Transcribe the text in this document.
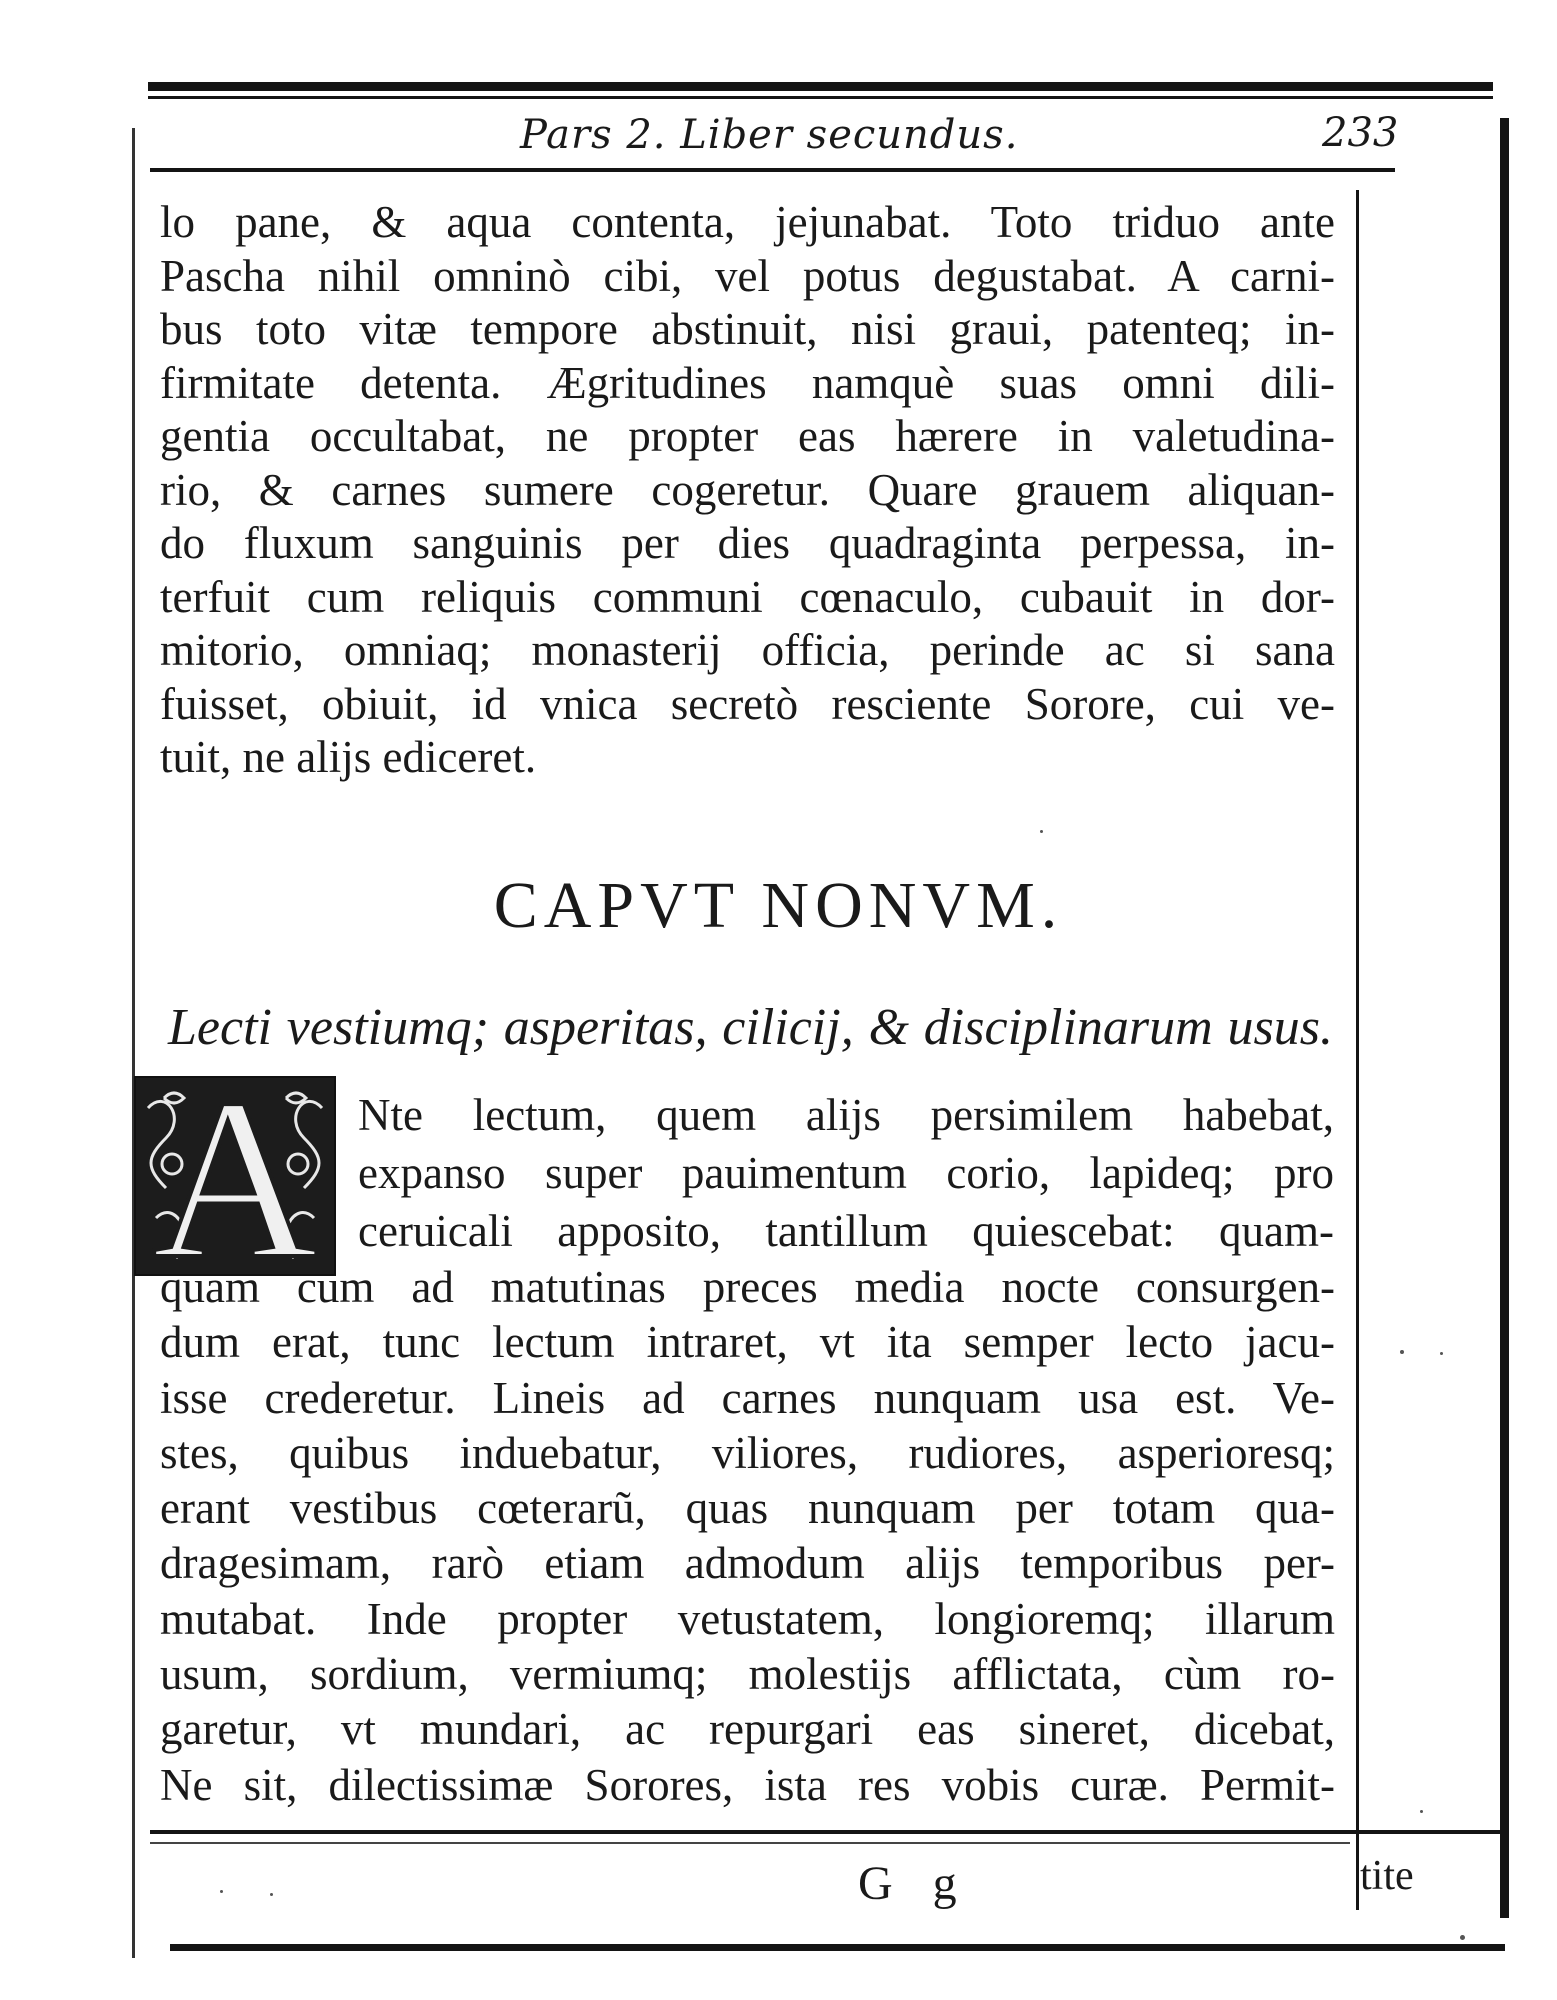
Pars 2. Liber secundus.	233
lo pane, & aqua contenta, jejunabat. Toto triduo ante
Pascha nihil omninò cibi, vel potus degustabat. A carni-
bus toto vitæ tempore abstinuit, nisi graui, patenteq; in-
firmitate detenta. Ægritudines namquè suas omni dili-
gentia occultabat, ne propter eas hærere in valetudina-
rio, & carnes sumere cogeretur. Quare grauem aliquan-
do fluxum sanguinis per dies quadraginta perpessa, in-
terfuit cum reliquis communi cœnaculo, cubauit in dor-
mitorio, omniaq; monasterij officia, perinde ac si sana
fuisset, obiuit, id vnica secretò resciente Sorore, cui ve-
tuit, ne alijs ediceret.
CAPVT NONVM.
Lecti vestiumq; asperitas, cilicij, & disciplinarum usus.
A Nte lectum, quem alijs persimilem habebat,
expanso super pauimentum corio, lapideq; pro
ceruicali apposito, tantillum quiescebat: quam-
quam cum ad matutinas preces media nocte consurgen-
dum erat, tunc lectum intraret, vt ita semper lecto jacu-
isse crederetur. Lineis ad carnes nunquam usa est. Ve-
stes, quibus induebatur, viliores, rudiores, asperioresq;
erant vestibus cœterarũ, quas nunquam per totam qua-
dragesimam, rarò etiam admodum alijs temporibus per-
mutabat. Inde propter vetustatem, longioremq; illarum
usum, sordium, vermiumq; molestijs afflictata, cùm ro-
garetur, vt mundari, ac repurgari eas sineret, dicebat,
Ne sit, dilectissimæ Sorores, ista res vobis curæ. Permit-
G g	tite
